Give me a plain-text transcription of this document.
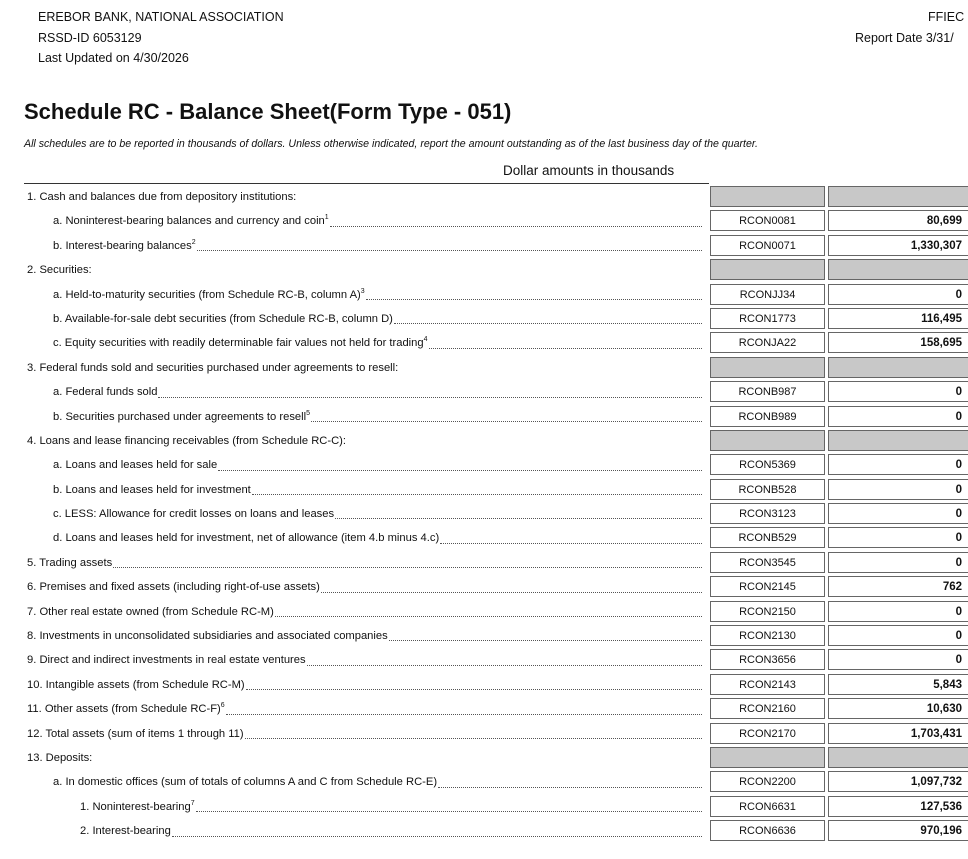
EREBOR BANK, NATIONAL ASSOCIATION
RSSD-ID 6053129
Last Updated on 4/30/2026
FFIEC
Report Date 3/31/
Schedule RC - Balance Sheet(Form Type - 051)
All schedules are to be reported in thousands of dollars. Unless otherwise indicated, report the amount outstanding as of the last business day of the quarter.
Dollar amounts in thousands
1. Cash and balances due from depository institutions:
a. Noninterest-bearing balances and currency and coin$^1$	RCON0081	80,699
b. Interest-bearing balances$^2$	RCON0071	1,330,307
2. Securities:
a. Held-to-maturity securities (from Schedule RC-B, column A)$^3$	RCONJJ34	0
b. Available-for-sale debt securities (from Schedule RC-B, column D)	RCON1773	116,495
c. Equity securities with readily determinable fair values not held for trading$^4$	RCONJA22	158,695
3. Federal funds sold and securities purchased under agreements to resell:
a. Federal funds sold	RCONB987	0
b. Securities purchased under agreements to resell$^5$	RCONB989	0
4. Loans and lease financing receivables (from Schedule RC-C):
a. Loans and leases held for sale	RCON5369	0
b. Loans and leases held for investment	RCONB528	0
c. LESS: Allowance for credit losses on loans and leases	RCON3123	0
d. Loans and leases held for investment, net of allowance (item 4.b minus 4.c)	RCONB529	0
5. Trading assets	RCON3545	0
6. Premises and fixed assets (including right-of-use assets)	RCON2145	762
7. Other real estate owned (from Schedule RC-M)	RCON2150	0
8. Investments in unconsolidated subsidiaries and associated companies	RCON2130	0
9. Direct and indirect investments in real estate ventures	RCON3656	0
10. Intangible assets (from Schedule RC-M)	RCON2143	5,843
11. Other assets (from Schedule RC-F)$^6$	RCON2160	10,630
12. Total assets (sum of items 1 through 11)	RCON2170	1,703,431
13. Deposits:
a. In domestic offices (sum of totals of columns A and C from Schedule RC-E)	RCON2200	1,097,732
1. Noninterest-bearing$^7$	RCON6631	127,536
2. Interest-bearing	RCON6636	970,196
